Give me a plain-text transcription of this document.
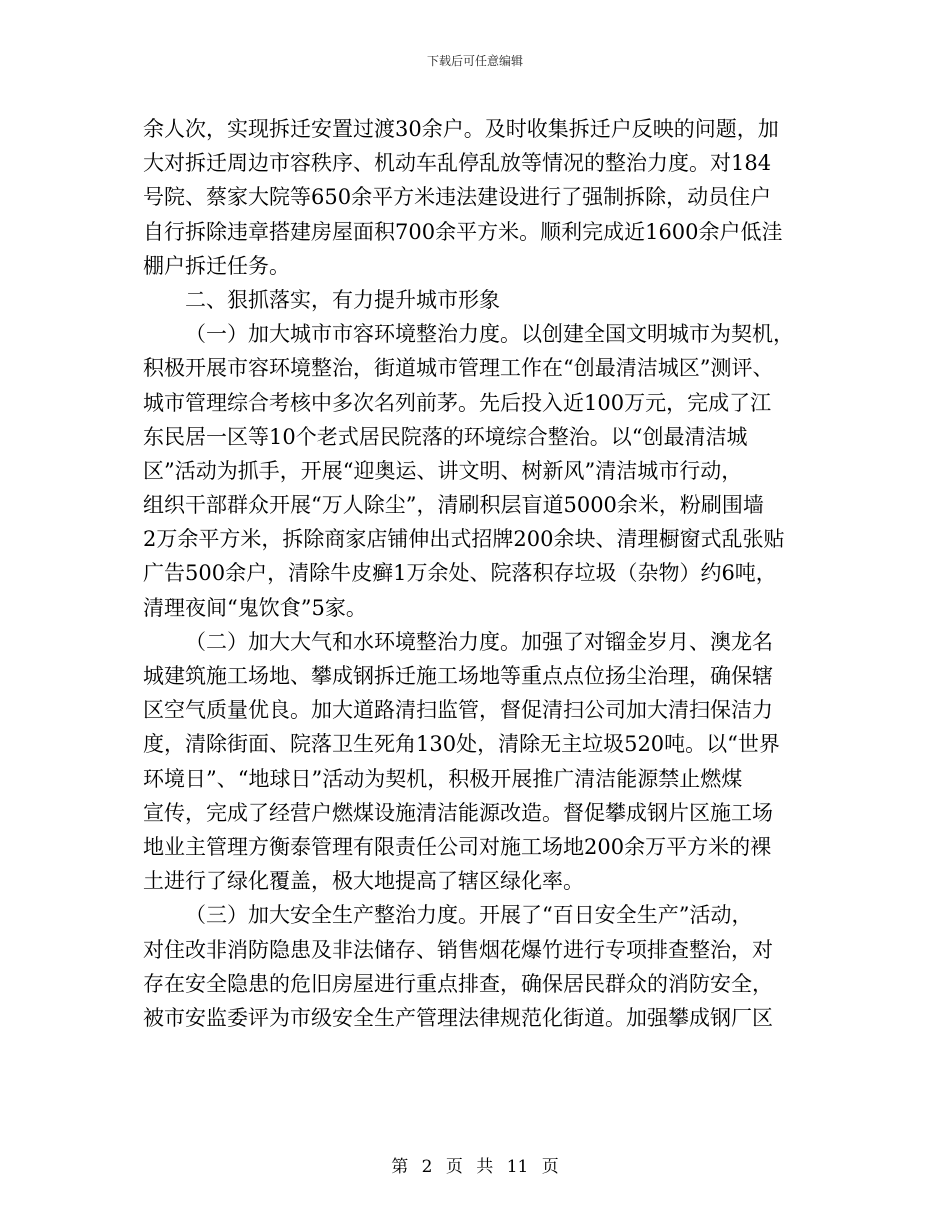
下载后可任意编辑
余人次，实现拆迁安置过渡30余户。及时收集拆迁户反映的问题，加
大对拆迁周边市容秩序、机动车乱停乱放等情况的整治力度。对184
号院、蔡家大院等650余平方米违法建设进行了强制拆除，动员住户
自行拆除违章搭建房屋面积700余平方米。顺利完成近1600余户低洼
棚户拆迁任务。
二、狠抓落实，有力提升城市形象
（一）加大城市市容环境整治力度。以创建全国文明城市为契机，
积极开展市容环境整治，街道城市管理工作在“创最清洁城区”测评、
城市管理综合考核中多次名列前茅。先后投入近100万元，完成了江
东民居一区等10个老式居民院落的环境综合整治。以“创最清洁城
区”活动为抓手，开展“迎奥运、讲文明、树新风”清洁城市行动，
组织干部群众开展“万人除尘”，清刷积层盲道5000余米，粉刷围墙
2万余平方米，拆除商家店铺伸出式招牌200余块、清理橱窗式乱张贴
广告500余户，清除牛皮癣1万余处、院落积存垃圾（杂物）约6吨，
清理夜间“鬼饮食”5家。
（二）加大大气和水环境整治力度。加强了对镏金岁月、澳龙名
城建筑施工场地、攀成钢拆迁施工场地等重点点位扬尘治理，确保辖
区空气质量优良。加大道路清扫监管，督促清扫公司加大清扫保洁力
度，清除街面、院落卫生死角130处，清除无主垃圾520吨。以“世界
环境日”、“地球日”活动为契机，积极开展推广清洁能源禁止燃煤
宣传，完成了经营户燃煤设施清洁能源改造。督促攀成钢片区施工场
地业主管理方衡泰管理有限责任公司对施工场地200余万平方米的裸
土进行了绿化覆盖，极大地提高了辖区绿化率。
（三）加大安全生产整治力度。开展了“百日安全生产”活动，
对住改非消防隐患及非法储存、销售烟花爆竹进行专项排查整治，对
存在安全隐患的危旧房屋进行重点排查，确保居民群众的消防安全，
被市安监委评为市级安全生产管理法律规范化街道。加强攀成钢厂区
第 2 页 共 11 页
